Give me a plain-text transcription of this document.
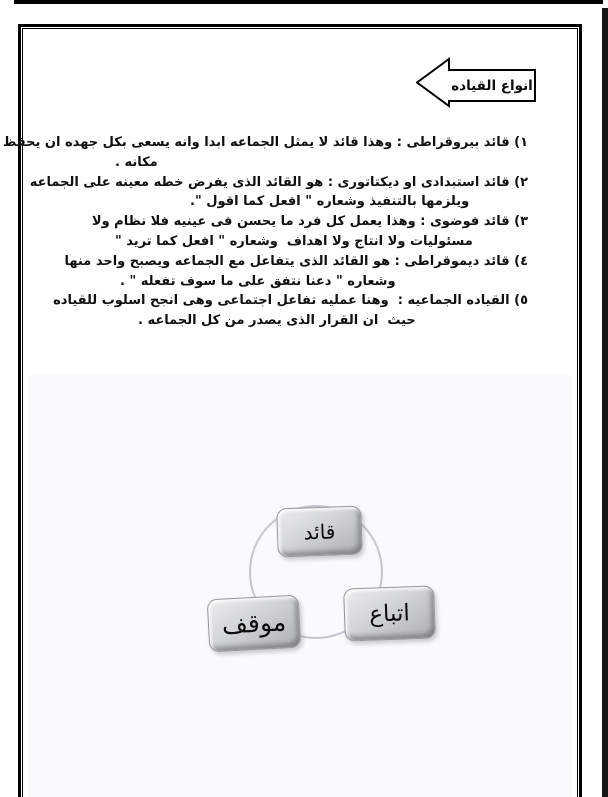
انواع القياده
١) قائد بيروقراطى : وهذا قائد لا يمثل الجماعه ابدا وانه يسعى بكل جهده ان يحفظ
مكانه .
٢) قائد استبدادى او ديكتاتورى : هو القائد الذى يفرض خطه معينه على الجماعه
ويلزمها بالتنفيذ وشعاره " افعل كما اقول ".
٣) قائد فوضوى : وهذا يعمل كل فرد ما يحسن فى عينيه فلا نظام ولا
مسئوليات ولا انتاج ولا اهداف  وشعاره " افعل كما تريد "
٤) قائد ديموقراطى : هو القائد الذى يتفاعل مع الجماعه ويصبح واحد منها
وشعاره " دعنا نتفق على ما سوف تفعله " .
٥) القياده الجماعيه :  وهنا عمليه تفاعل اجتماعى وهى انجح اسلوب للقياده
حيث  ان القرار الذى يصدر من كل الجماعه .
قائد
اتباع
موقف
